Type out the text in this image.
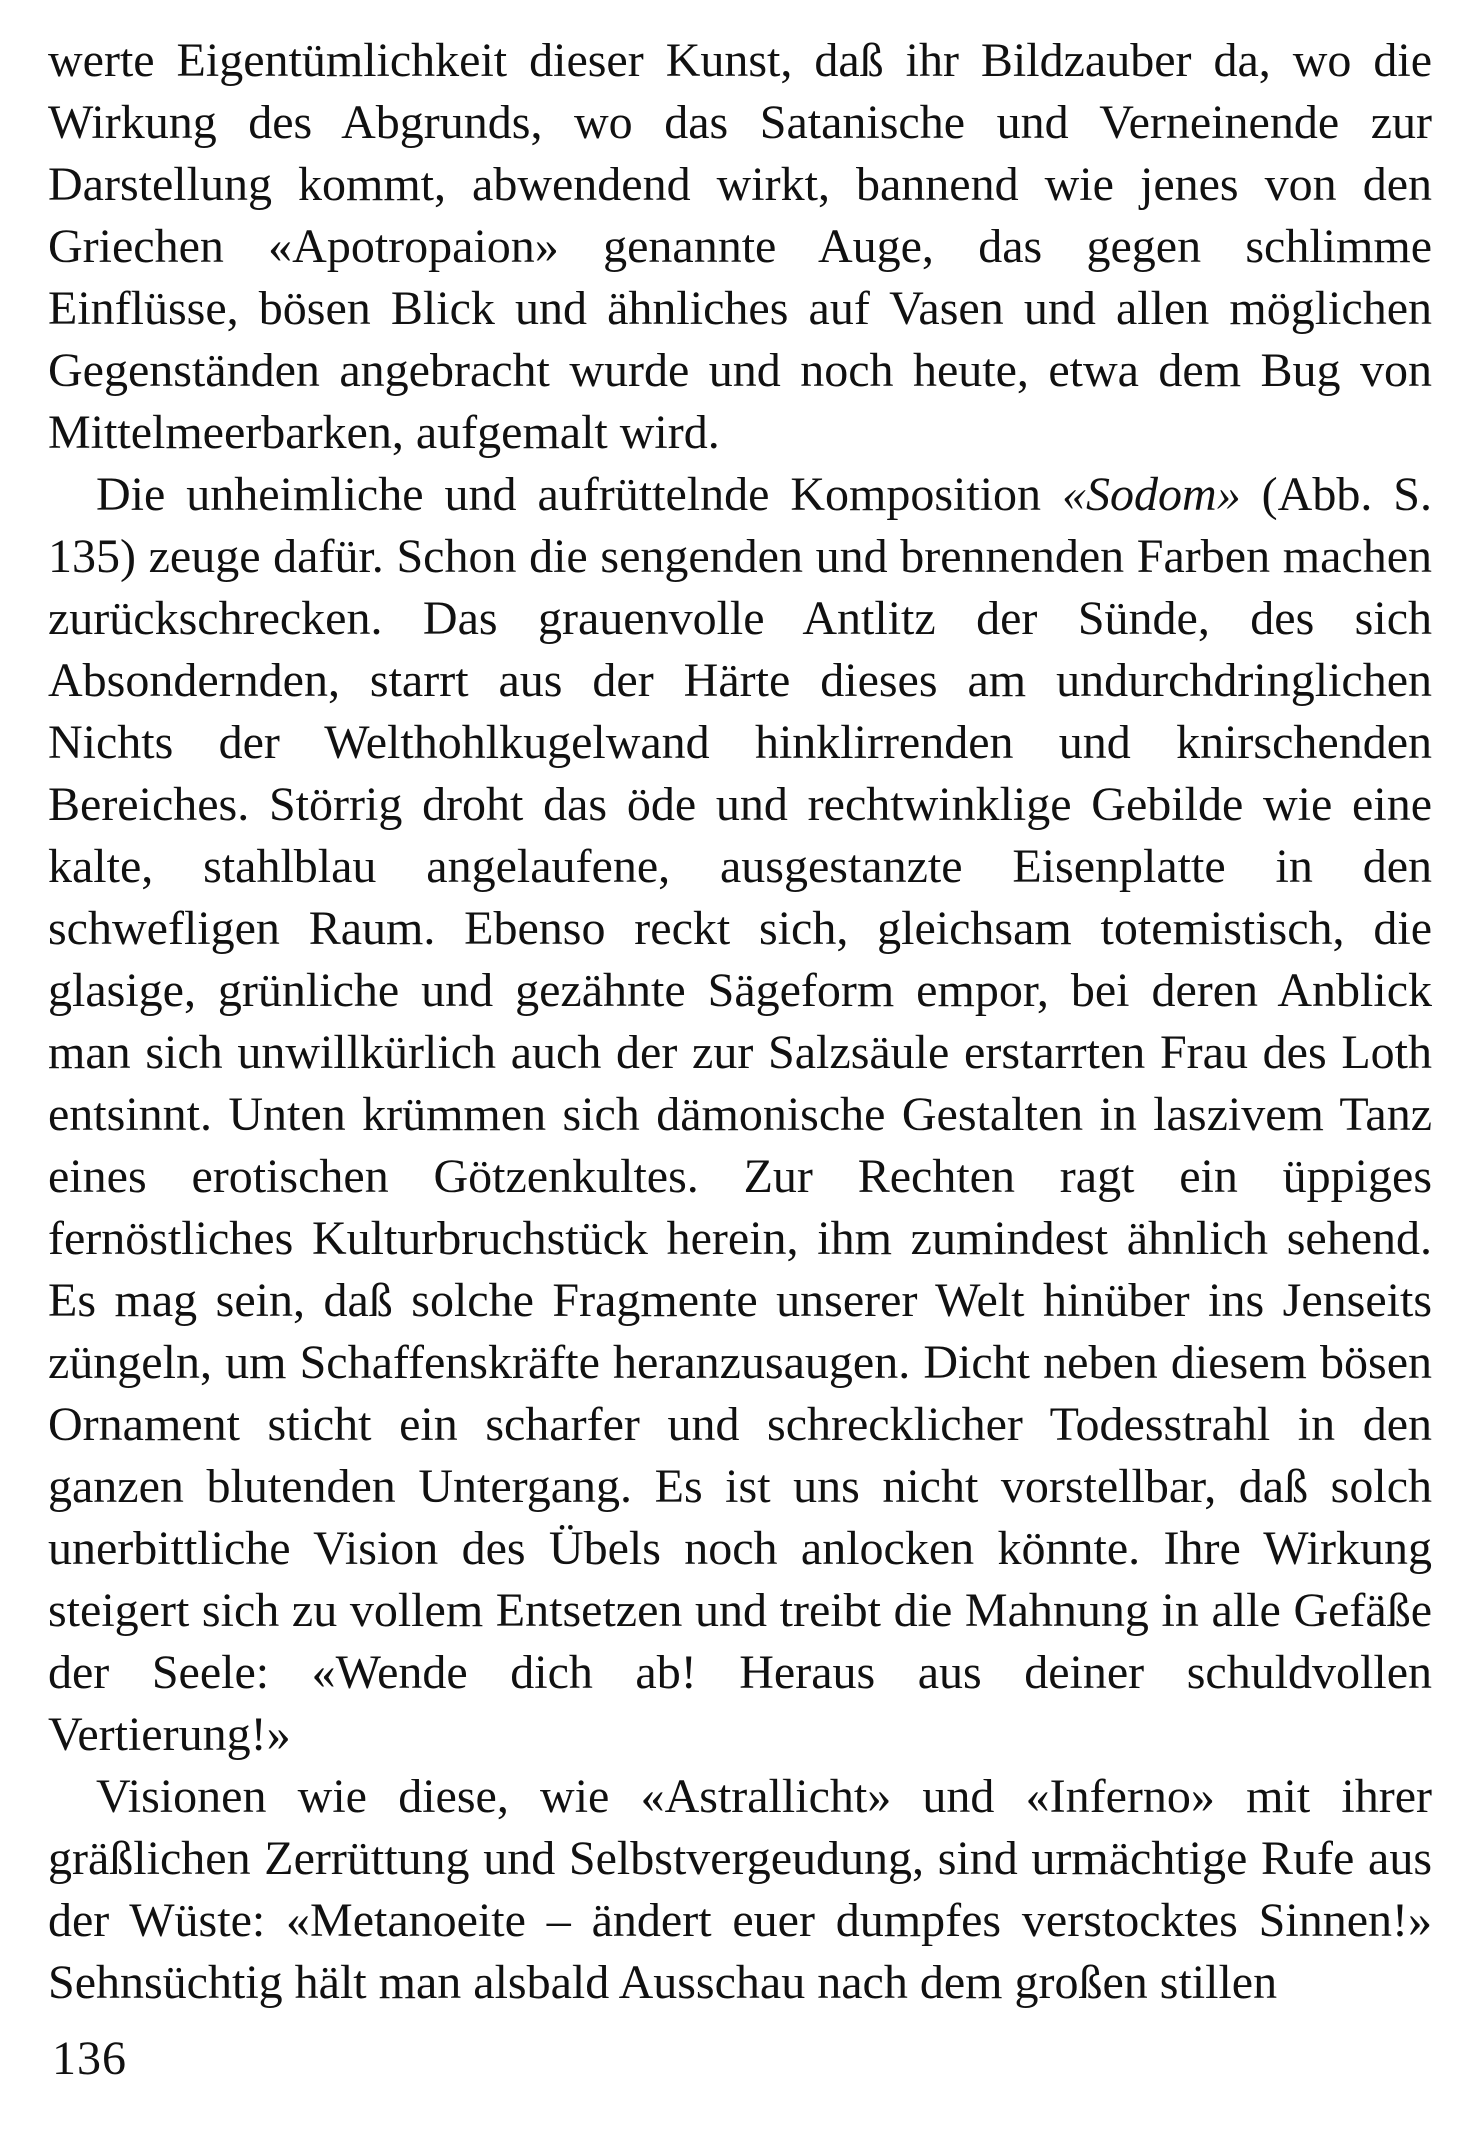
werte Eigentümlichkeit dieser Kunst, daß ihr Bildzauber da, wo die Wirkung des Abgrunds, wo das Satanische und Verneinende zur Darstellung kommt, abwendend wirkt, bannend wie jenes von den Griechen «Apotropaion» genannte Auge, das gegen schlimme Einflüsse, bösen Blick und ähnliches auf Vasen und allen möglichen Gegenständen angebracht wurde und noch heute, etwa dem Bug von Mittelmeerbarken, aufgemalt wird.

Die unheimliche und aufrüttelnde Komposition «Sodom» (Abb. S. 135) zeuge dafür. Schon die sengenden und brennenden Farben machen zurückschrecken. Das grauenvolle Antlitz der Sünde, des sich Absondernden, starrt aus der Härte dieses am undurchdringlichen Nichts der Welthohlkugelwand hinklirrenden und knirschenden Bereiches. Störrig droht das öde und rechtwinklige Gebilde wie eine kalte, stahlblau angelaufene, ausgestanzte Eisenplatte in den schwefligen Raum. Ebenso reckt sich, gleichsam totemistisch, die glasige, grünliche und gezähnte Sägeform empor, bei deren Anblick man sich unwillkürlich auch der zur Salzsäule erstarrten Frau des Loth entsinnt. Unten krümmen sich dämonische Gestalten in laszivem Tanz eines erotischen Götzenkultes. Zur Rechten ragt ein üppiges fernöstliches Kulturbruchstück herein, ihm zumindest ähnlich sehend. Es mag sein, daß solche Fragmente unserer Welt hinüber ins Jenseits züngeln, um Schaffenskräfte heranzusaugen. Dicht neben diesem bösen Ornament sticht ein scharfer und schrecklicher Todesstrahl in den ganzen blutenden Untergang. Es ist uns nicht vorstellbar, daß solch unerbittliche Vision des Übels noch anlocken könnte. Ihre Wirkung steigert sich zu vollem Entsetzen und treibt die Mahnung in alle Gefäße der Seele: «Wende dich ab! Heraus aus deiner schuldvollen Vertierung!»

Visionen wie diese, wie «Astrallicht» und «Inferno» mit ihrer gräßlichen Zerrüttung und Selbstvergeudung, sind urmächtige Rufe aus der Wüste: «Metanoeite – ändert euer dumpfes verstocktes Sinnen!» Sehnsüchtig hält man alsbald Ausschau nach dem großen stillen

136
